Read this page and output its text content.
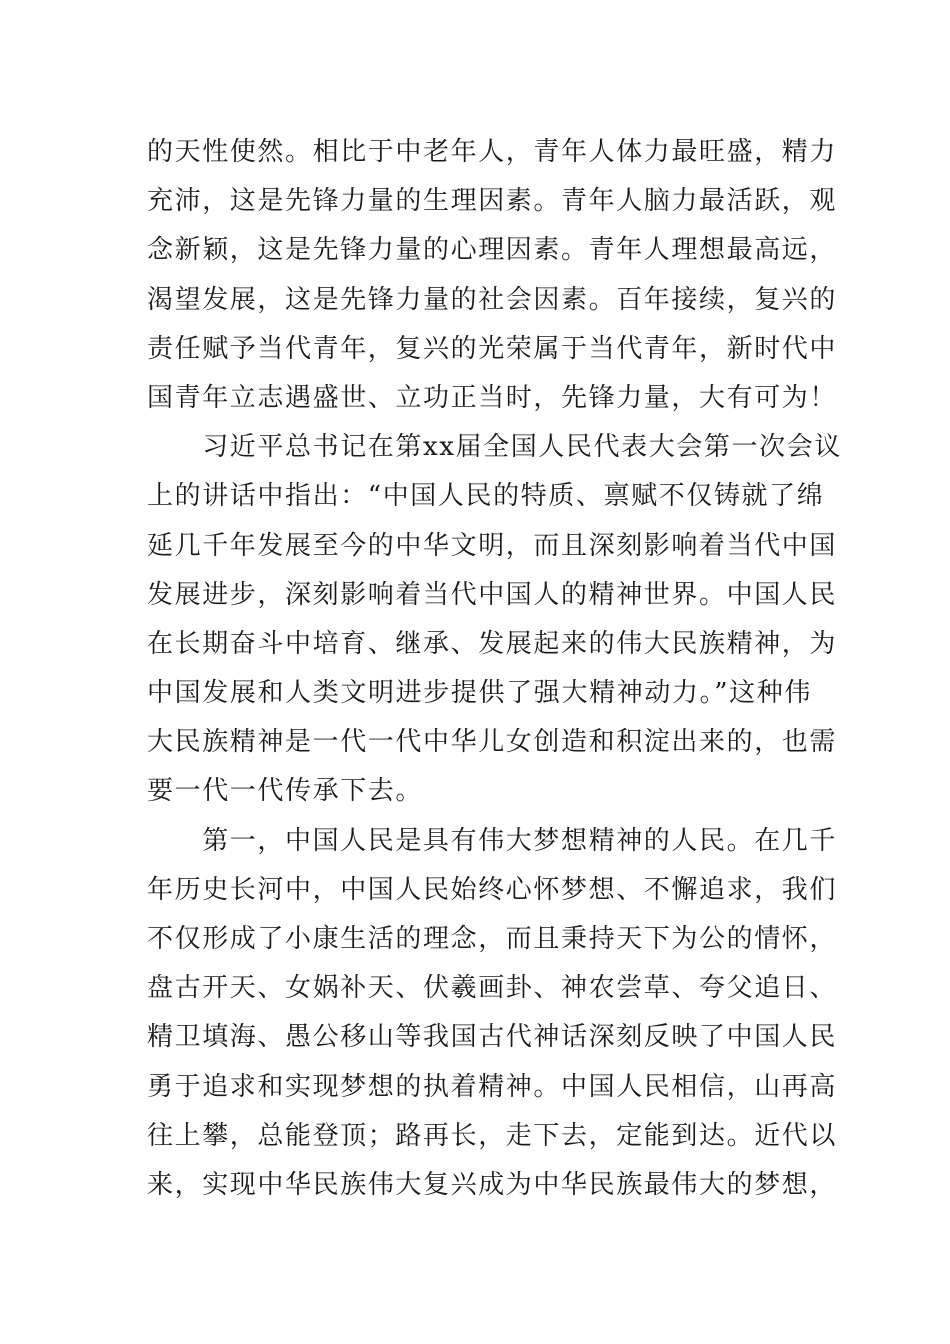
的天性使然。相比于中老年人，青年人体力最旺盛，精力
充沛，这是先锋力量的生理因素。青年人脑力最活跃，观
念新颖，这是先锋力量的心理因素。青年人理想最高远，
渴望发展，这是先锋力量的社会因素。百年接续，复兴的
责任赋予当代青年，复兴的光荣属于当代青年，新时代中
国青年立志遇盛世、立功正当时，先锋力量，大有可为！
　　习近平总书记在第xx届全国人民代表大会第一次会议
上的讲话中指出：“中国人民的特质、禀赋不仅铸就了绵
延几千年发展至今的中华文明，而且深刻影响着当代中国
发展进步，深刻影响着当代中国人的精神世界。中国人民
在长期奋斗中培育、继承、发展起来的伟大民族精神，为
中国发展和人类文明进步提供了强大精神动力。”这种伟
大民族精神是一代一代中华儿女创造和积淀出来的，也需
要一代一代传承下去。
　　第一，中国人民是具有伟大梦想精神的人民。在几千
年历史长河中，中国人民始终心怀梦想、不懈追求，我们
不仅形成了小康生活的理念，而且秉持天下为公的情怀，
盘古开天、女娲补天、伏羲画卦、神农尝草、夸父追日、
精卫填海、愚公移山等我国古代神话深刻反映了中国人民
勇于追求和实现梦想的执着精神。中国人民相信，山再高
往上攀，总能登顶；路再长，走下去，定能到达。近代以
来，实现中华民族伟大复兴成为中华民族最伟大的梦想，
